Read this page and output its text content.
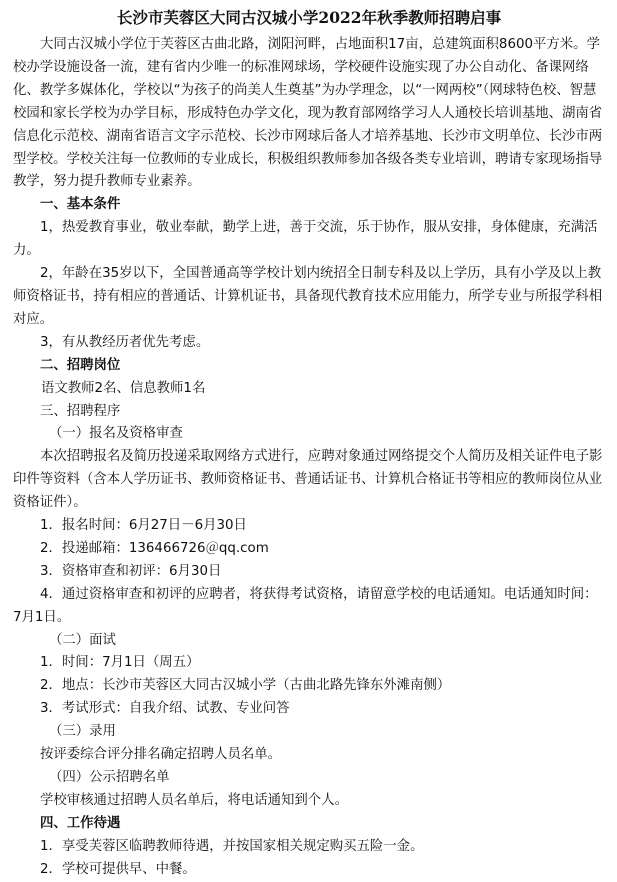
长沙市芙蓉区大同古汉城小学2022年秋季教师招聘启事

大同古汉城小学位于芙蓉区古曲北路，浏阳河畔，占地面积17亩，总建筑面积8600平方米。学校办学设施设备一流，建有省内少唯一的标准网球场，学校硬件设施实现了办公自动化、备课网络化、教学多媒体化，学校以“为孩子的尚美人生奠基”为办学理念，以“一网两校”（网球特色校、智慧校园和家长学校为办学目标，形成特色办学文化，现为教育部网络学习人人通校长培训基地、湖南省信息化示范校、湖南省语言文字示范校、长沙市网球后备人才培养基地、长沙市文明单位、长沙市两型学校。学校关注每一位教师的专业成长，积极组织教师参加各级各类专业培训，聘请专家现场指导教学，努力提升教师专业素养。

一、基本条件

1，热爱教育事业，敬业奉献，勤学上进，善于交流，乐于协作，服从安排，身体健康，充满活力。

2，年龄在35岁以下，全国普通高等学校计划内统招全日制专科及以上学历，具有小学及以上教师资格证书，持有相应的普通话、计算机证书，具备现代教育技术应用能力，所学专业与所报学科相对应。

3，有从教经历者优先考虑。

二、招聘岗位

语文教师2名、信息教师1名

三、招聘程序

（一）报名及资格审查

本次招聘报名及简历投递采取网络方式进行，应聘对象通过网络提交个人简历及相关证件电子影印件等资料（含本人学历证书、教师资格证书、普通话证书、计算机合格证书等相应的教师岗位从业资格证件）。

1．报名时间：6月27日－6月30日

2．投递邮箱：136466726＠qq.com

3．资格审查和初评：6月30日

4．通过资格审查和初评的应聘者，将获得考试资格，请留意学校的电话通知。电话通知时间：7月1日。

（二）面试

1．时间：7月1日（周五）

2．地点：长沙市芙蓉区大同古汉城小学（古曲北路先锋东外滩南侧）

3．考试形式：自我介绍、试教、专业问答

（三）录用

按评委综合评分排名确定招聘人员名单。

（四）公示招聘名单

学校审核通过招聘人员名单后，将电话通知到个人。

四、工作待遇

1．享受芙蓉区临聘教师待遇，并按国家相关规定购买五险一金。

2．学校可提供早、中餐。
